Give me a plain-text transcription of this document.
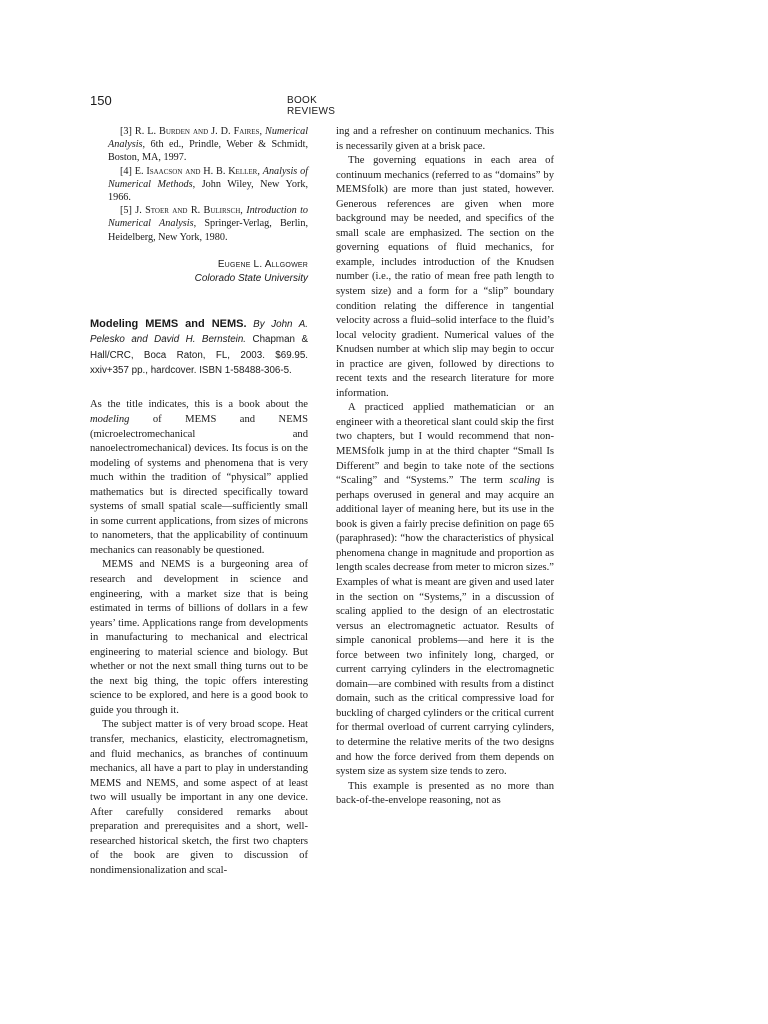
150	BOOK REVIEWS

[3] R. L. Burden and J. D. Faires, Numerical Analysis, 6th ed., Prindle, Weber & Schmidt, Boston, MA, 1997.

[4] E. Isaacson and H. B. Keller, Analysis of Numerical Methods, John Wiley, New York, 1966.

[5] J. Stoer and R. Bulirsch, Introduction to Numerical Analysis, Springer-Verlag, Berlin, Heidelberg, New York, 1980.

Eugene L. Allgower
Colorado State University
Modeling MEMS and NEMS. By John A. Pelesko and David H. Bernstein. Chapman & Hall/CRC, Boca Raton, FL, 2003. $69.95. xxiv+357 pp., hardcover. ISBN 1-58488-306-5.

As the title indicates, this is a book about the modeling of MEMS and NEMS (microelectromechanical and nanoelectromechanical) devices. Its focus is on the modeling of systems and phenomena that is very much within the tradition of “physical” applied mathematics but is directed specifically toward systems of small spatial scale—sufficiently small in some current applications, from sizes of microns to nanometers, that the applicability of continuum mechanics can reasonably be questioned.

MEMS and NEMS is a burgeoning area of research and development in science and engineering, with a market size that is being estimated in terms of billions of dollars in a few years’ time. Applications range from developments in manufacturing to mechanical and electrical engineering to material science and biology. But whether or not the next small thing turns out to be the next big thing, the topic offers interesting science to be explored, and here is a good book to guide you through it.

The subject matter is of very broad scope. Heat transfer, mechanics, elasticity, electromagnetism, and fluid mechanics, as branches of continuum mechanics, all have a part to play in understanding MEMS and NEMS, and some aspect of at least two will usually be important in any one device. After carefully considered remarks about preparation and prerequisites and a short, well-researched historical sketch, the first two chapters of the book are given to discussion of nondimensionalization and scal-

ing and a refresher on continuum mechanics. This is necessarily given at a brisk pace.

The governing equations in each area of continuum mechanics (referred to as “domains” by MEMSfolk) are more than just stated, however. Generous references are given when more background may be needed, and specifics of the small scale are emphasized. The section on the governing equations of fluid mechanics, for example, includes introduction of the Knudsen number (i.e., the ratio of mean free path length to system size) and a form for a “slip” boundary condition relating the difference in tangential velocity across a fluid–solid interface to the fluid’s local velocity gradient. Numerical values of the Knudsen number at which slip may begin to occur in practice are given, followed by directions to recent texts and the research literature for more information.

A practiced applied mathematician or an engineer with a theoretical slant could skip the first two chapters, but I would recommend that non-MEMSfolk jump in at the third chapter “Small Is Different” and begin to take note of the sections “Scaling” and “Systems.” The term scaling is perhaps overused in general and may acquire an additional layer of meaning here, but its use in the book is given a fairly precise definition on page 65 (paraphrased): “how the characteristics of physical phenomena change in magnitude and proportion as length scales decrease from meter to micron sizes.” Examples of what is meant are given and used later in the section on “Systems,” in a discussion of scaling applied to the design of an electrostatic versus an electromagnetic actuator. Results of simple canonical problems—and here it is the force between two infinitely long, charged, or current carrying cylinders in the electromagnetic domain—are combined with results from a distinct domain, such as the critical compressive load for buckling of charged cylinders or the critical current for thermal overload of current carrying cylinders, to determine the relative merits of the two designs and how the force derived from them depends on system size as system size tends to zero.

This example is presented as no more than back-of-the-envelope reasoning, not as
